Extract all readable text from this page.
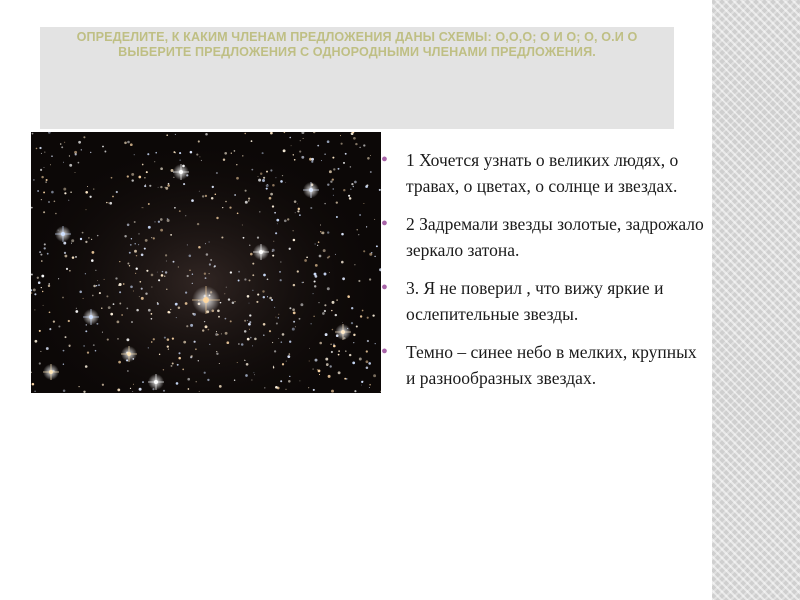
ОПРЕДЕЛИТЕ, К КАКИМ ЧЛЕНАМ ПРЕДЛОЖЕНИЯ ДАНЫ СХЕМЫ: О,О,О; О И О; О, О.И О
ВЫБЕРИТЕ ПРЕДЛОЖЕНИЯ С ОДНОРОДНЫМИ ЧЛЕНАМИ ПРЕДЛОЖЕНИЯ.
● 1 Хочется узнать о великих людях, о травах, о цветах, о солнце и звездах.
● 2 Задремали звезды золотые, задрожало зеркало затона.
● 3. Я не поверил , что вижу яркие и ослепительные звезды.
● Темно – синее небо в мелких, крупных и разнообразных звездах.
